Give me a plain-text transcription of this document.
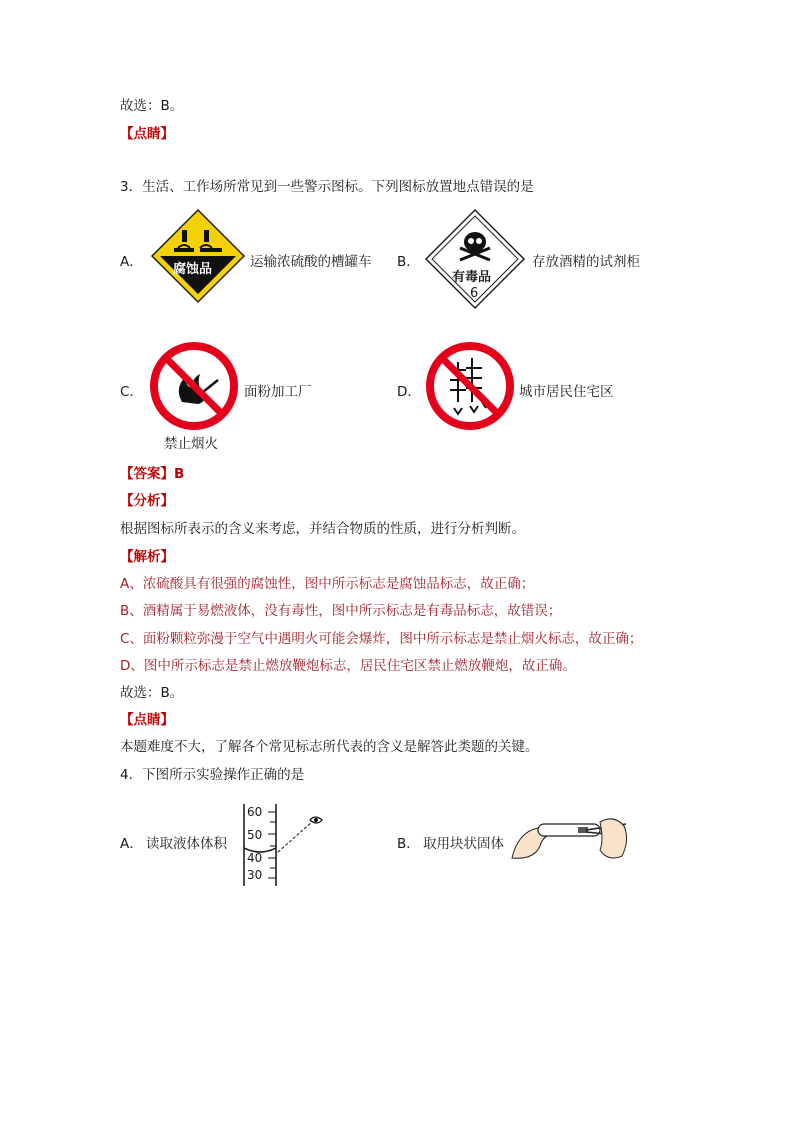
故选：B。
【点睛】
3．生活、工作场所常见到一些警示图标。下列图标放置地点错误的是
A． 腐蚀品	运输浓硫酸的槽罐车 B．
有毒品
6
存放酒精的试剂柜
C．	面粉加工厂
禁止烟火
D．	城市居民住宅区
【答案】B
【分析】
根据图标所表示的含义来考虑，并结合物质的性质，进行分析判断。
【解析】
A、浓硫酸具有很强的腐蚀性，图中所示标志是腐蚀品标志，故正确；
B、酒精属于易燃液体，没有毒性，图中所示标志是有毒品标志，故错误；
C、面粉颗粒弥漫于空气中遇明火可能会爆炸，图中所示标志是禁止烟火标志，故正确；
D、图中所示标志是禁止燃放鞭炮标志，居民住宅区禁止燃放鞭炮，故正确。
故选：B。
【点睛】
本题难度不大，了解各个常见标志所代表的含义是解答此类题的关键。
4．下图所示实验操作正确的是
A． 读取液体体积
60
50
40
30
B． 取用块状固体
